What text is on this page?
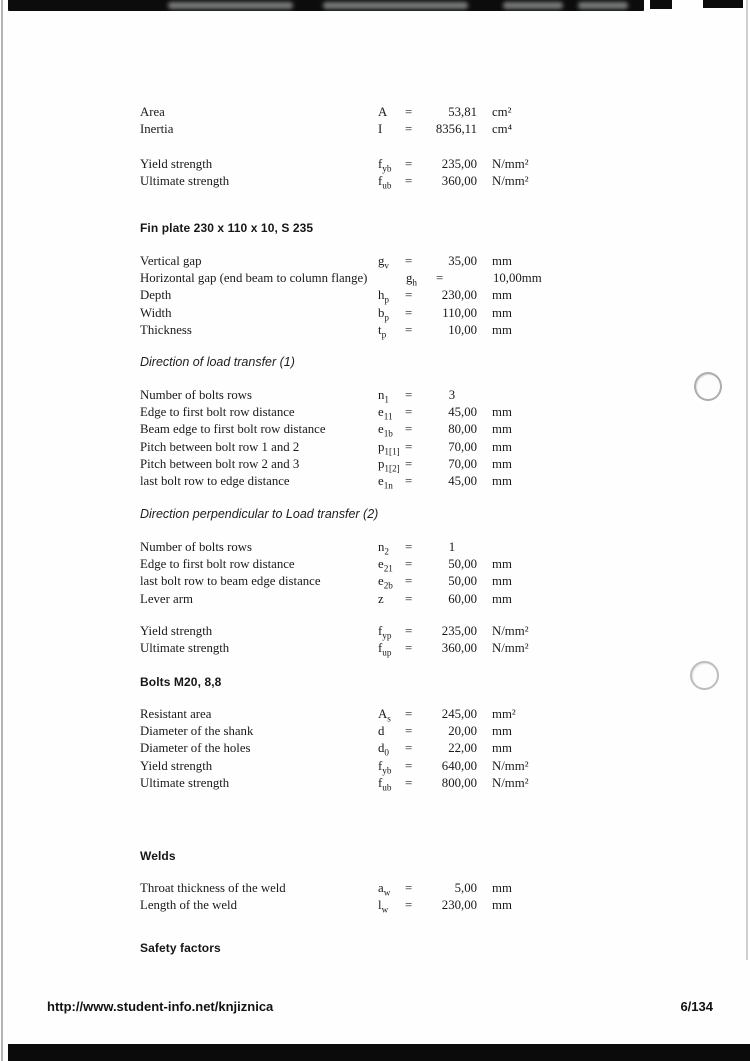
Area	A	=	53,81 cm²
Inertia	I	=	8356,11 cm⁴
Yield strength	$f_{yb}$	=	235,00 N/mm²
Ultimate strength	$f_{ub}$	=	360,00 N/mm²
Fin plate 230 x 110 x 10, S 235
Vertical gap	$g_v$	=	35,00 mm
Horizontal gap (end beam to column flange)	$g_h$ =	10,00mm
Depth	$h_p$	=	230,00 mm
Width	$b_p$	=	110,00 mm
Thickness	$t_p$	=	10,00 mm
Direction of load transfer (1)
Number of bolts rows	$n_1$	=	3
Edge to first bolt row distance	$e_{11}$ =	45,00 mm
Beam edge to first bolt row distance	$e_{1b}$ =	80,00 mm
Pitch between bolt row 1 and 2	$p_{1[1]}$ =	70,00 mm
Pitch between bolt row 2 and 3	$p_{1[2]}$ =	70,00 mm
last bolt row to edge distance	$e_{1n}$ =	45,00 mm
Direction perpendicular to Load transfer (2)
Number of bolts rows	$n_2$	=	1
Edge to first bolt row distance	$e_{21}$ =	50,00 mm
last bolt row to beam edge distance	$e_{2b}$ =	50,00 mm
Lever arm	z	=	60,00 mm
Yield strength	$f_{yp}$	=	235,00 N/mm²
Ultimate strength	$f_{up}$	=	360,00 N/mm²
Bolts M20, 8,8
Resistant area	$A_s$	=	245,00 mm²
Diameter of the shank	d	=	20,00 mm
Diameter of the holes	$d_0$	=	22,00 mm
Yield strength	$f_{yb}$	=	640,00 N/mm²
Ultimate strength	$f_{ub}$	=	800,00 N/mm²
Welds
Throat thickness of the weld	$a_w$	=	5,00 mm
Length of the weld	$l_w$	=	230,00 mm
Safety factors
http://www.student-info.net/knjiznica	6/134
